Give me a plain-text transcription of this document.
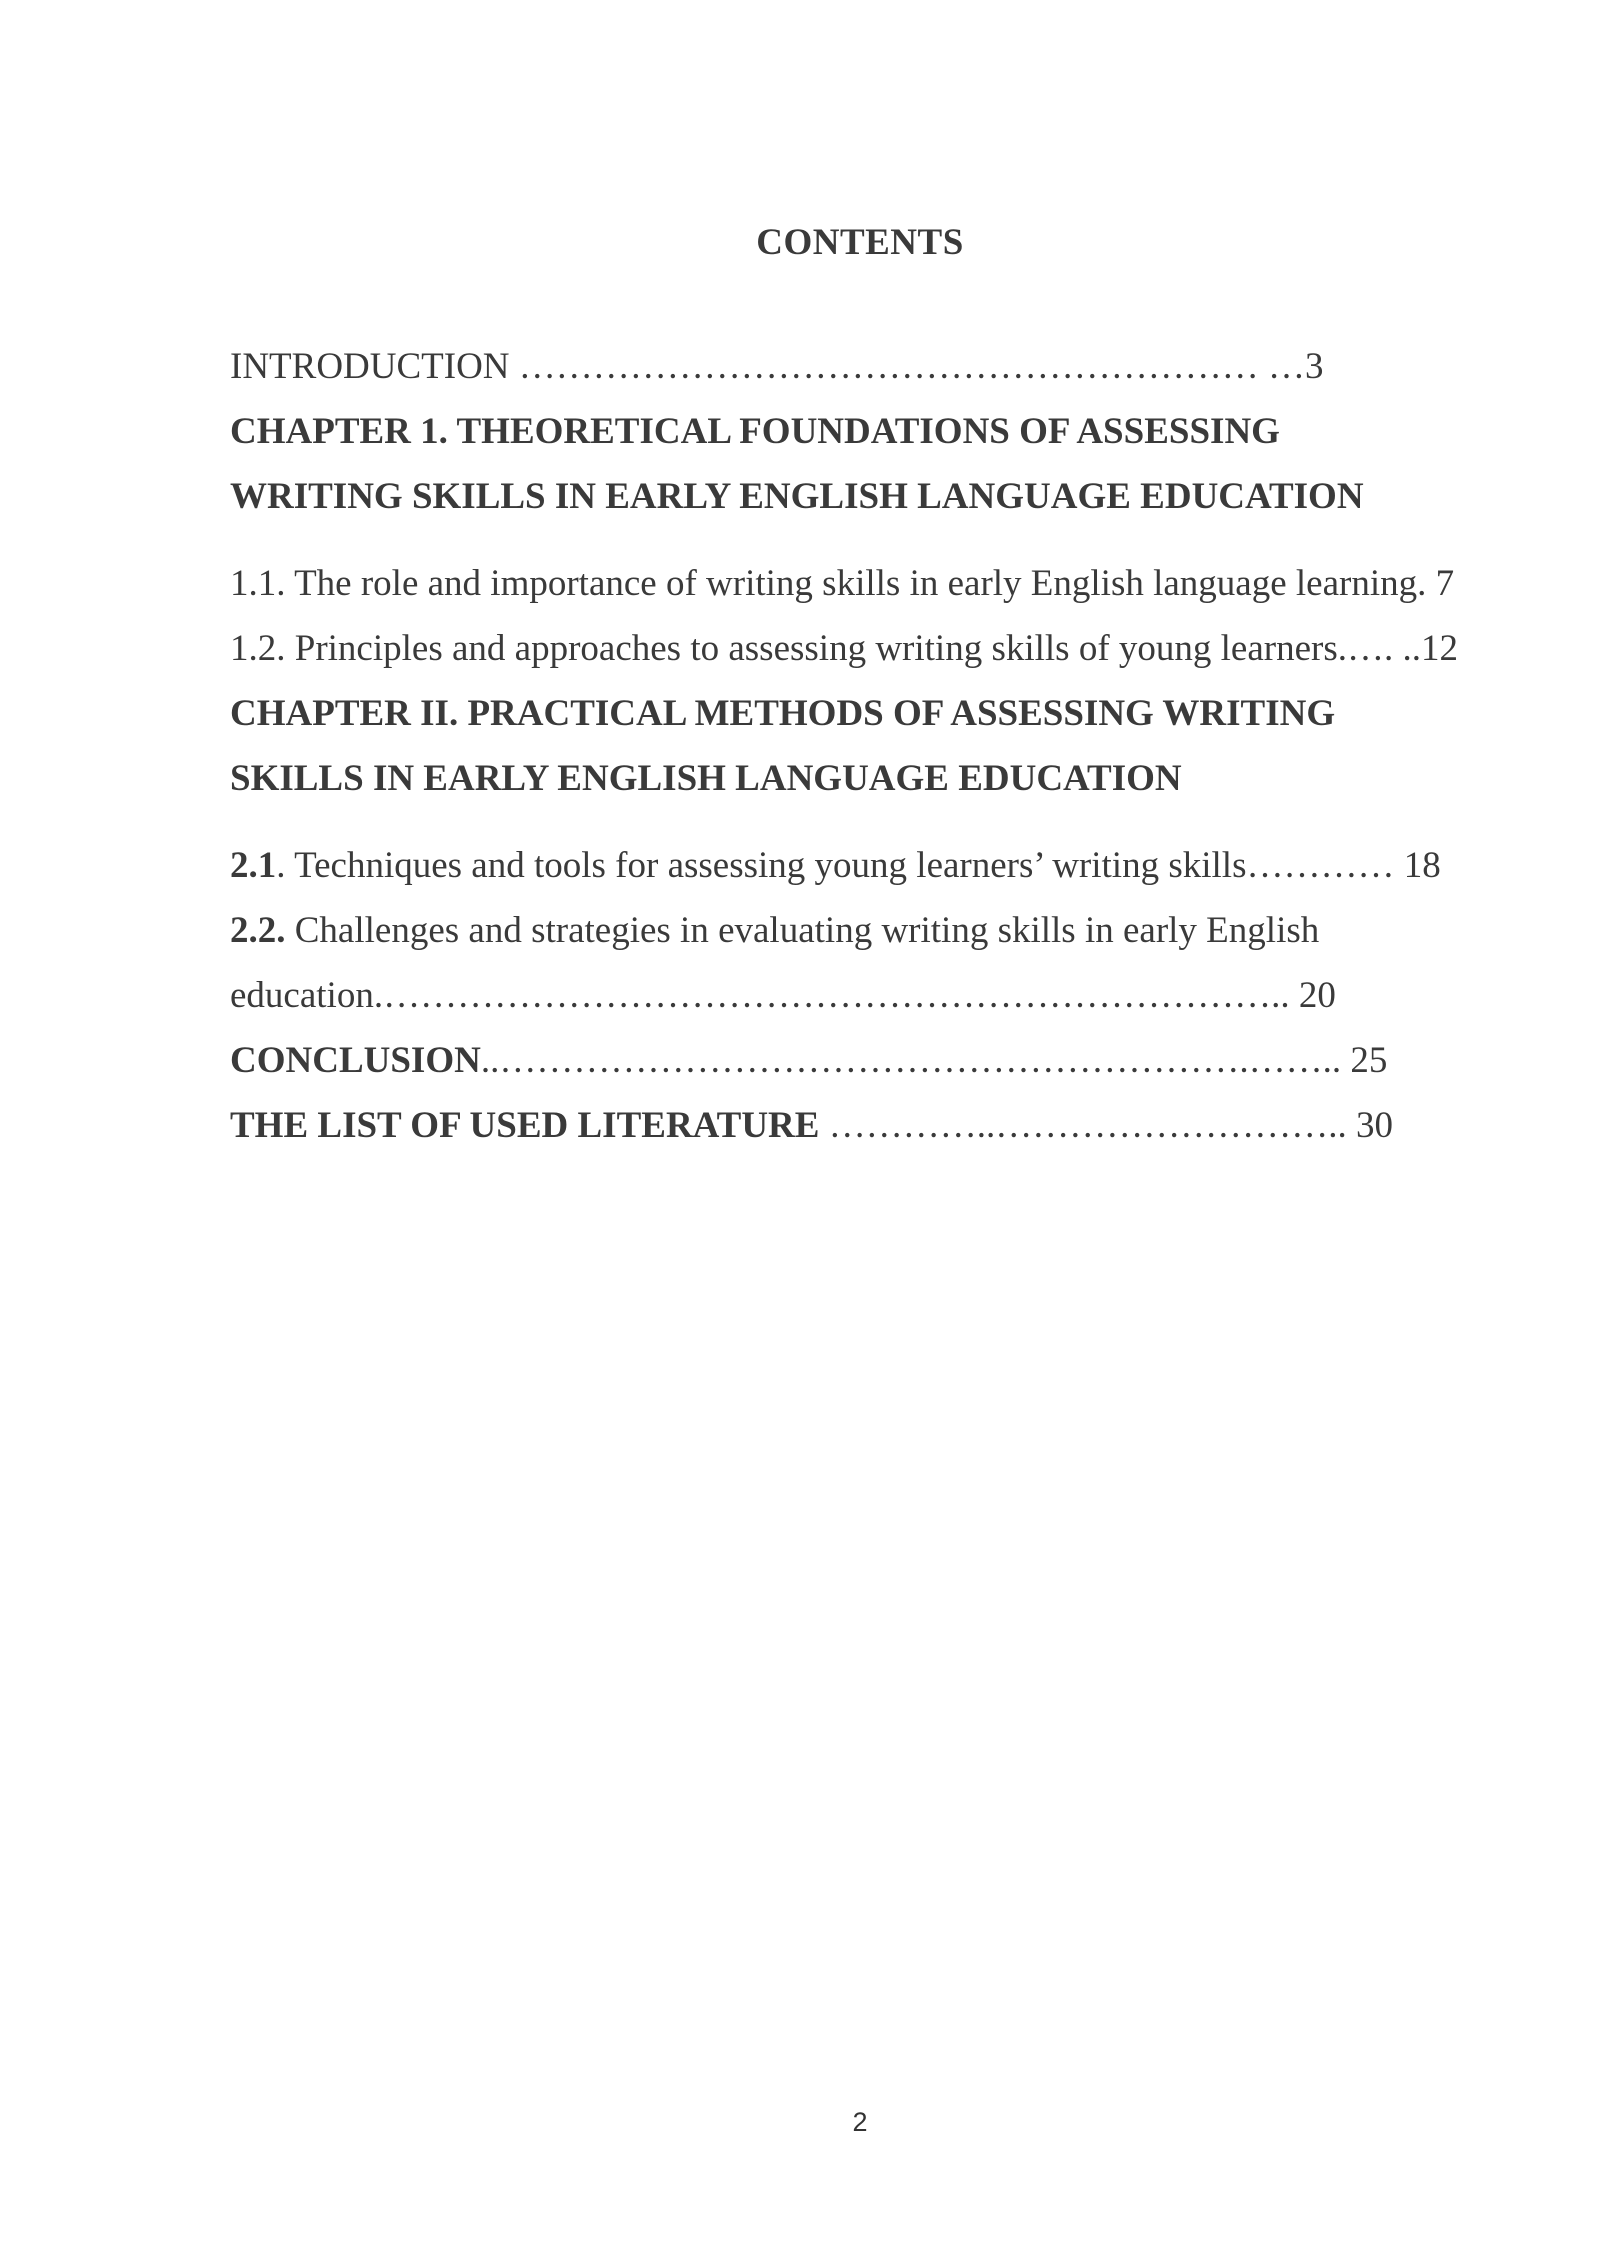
CONTENTS
INTRODUCTION …………………………………………………… …3
CHAPTER 1. THEORETICAL FOUNDATIONS OF ASSESSING
WRITING SKILLS IN EARLY ENGLISH LANGUAGE EDUCATION
1.1. The role and importance of writing skills in early English language learning. 7
1.2. Principles and approaches to assessing writing skills of young learners.…. ..12
CHAPTER II. PRACTICAL METHODS OF ASSESSING WRITING
SKILLS IN EARLY ENGLISH LANGUAGE EDUCATION
2.1. Techniques and tools for assessing young learners’ writing skills………… 18
2.2. Challenges and strategies in evaluating writing skills in early English
education.……………………………………………………………….. 20
CONCLUSION..…………………………………………………….…….. 25
THE LIST OF USED LITERATURE …………..……………………….. 30
2
